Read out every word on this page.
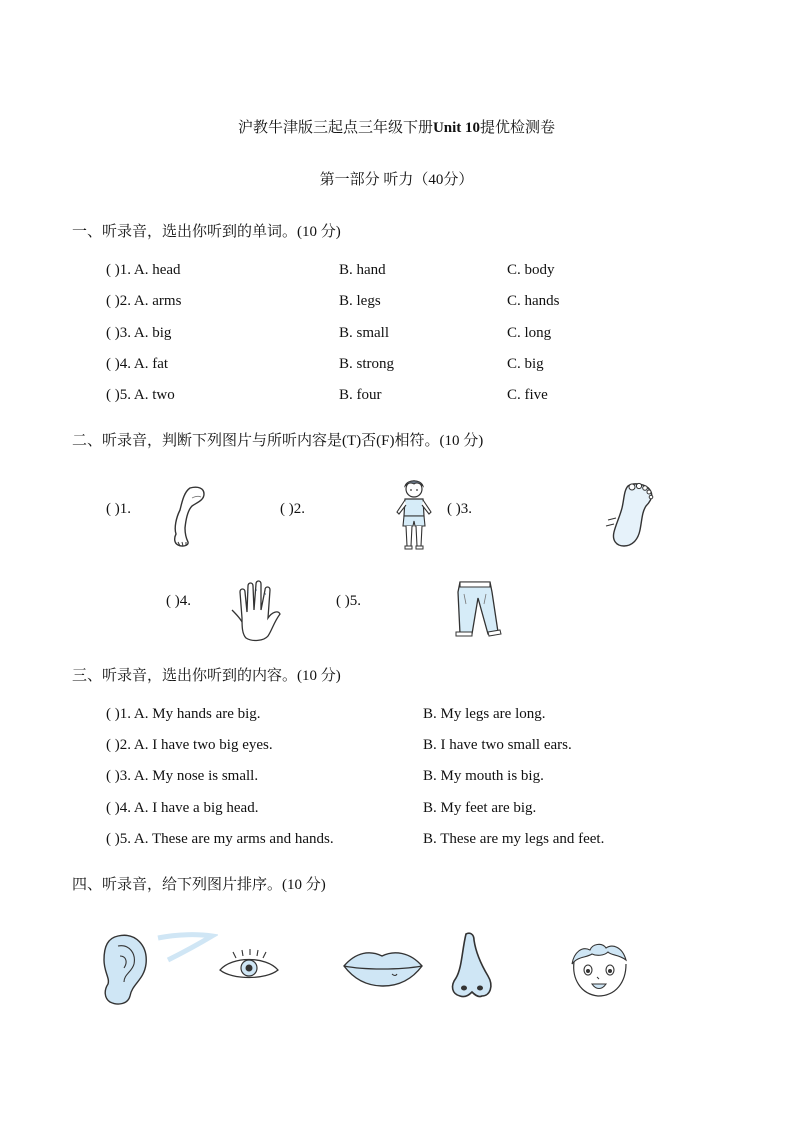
沪教牛津版三起点三年级下册Unit 10提优检测卷
第一部分 听力（40分）
一、听录音，选出你听到的单词。(10 分)
( )1. A. head	B. hand	C. body
( )2. A. arms	B. legs	C. hands
( )3. A. big	B. small	C. long
( )4. A. fat	B. strong	C. big
( )5. A. two	B. four	C. five
二、听录音，判断下列图片与所听内容是(T)否(F)相符。(10 分)
( )1.	( )2.	( )3.
( )4.	( )5.
三、听录音，选出你听到的内容。(10 分)
( )1. A. My hands are big.	B. My legs are long.
( )2. A. I have two big eyes.	B. I have two small ears.
( )3. A. My nose is small.	B. My mouth is big.
( )4. A. I have a big head.	B. My feet are big.
( )5. A. These are my arms and hands.	B. These are my legs and feet.
四、听录音，给下列图片排序。(10 分)
